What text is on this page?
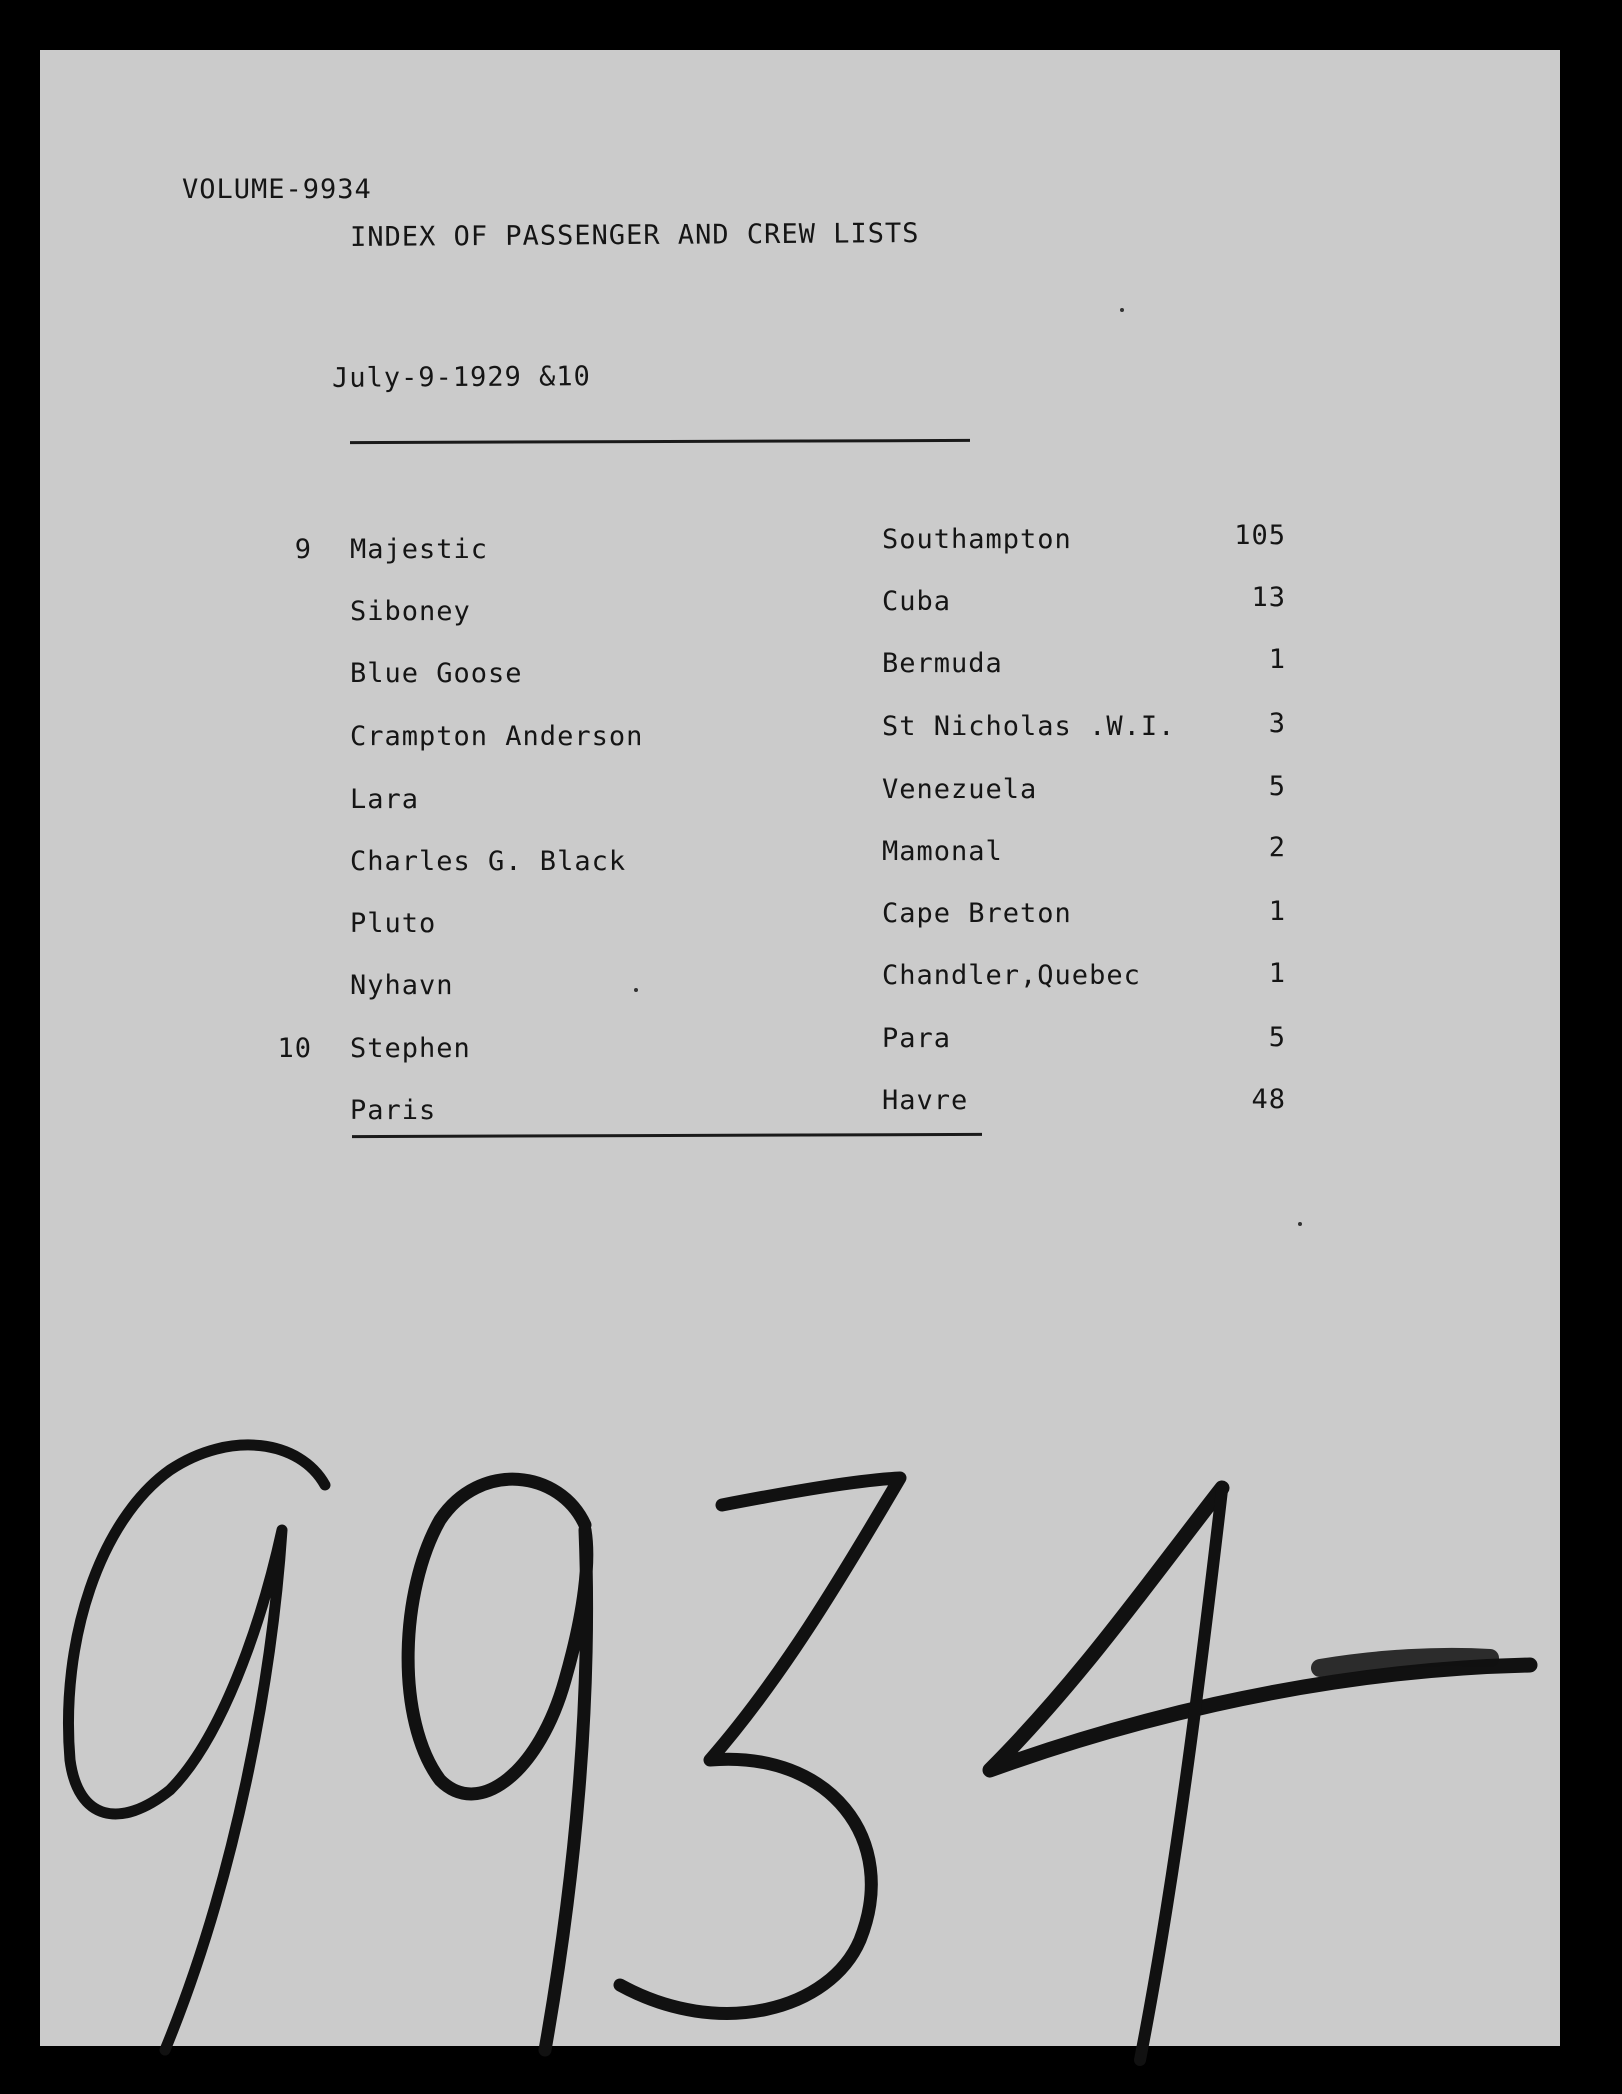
VOLUME-9934
INDEX OF PASSENGER AND CREW LISTS
July-9-1929 &10
9 Majestic	Southampton	105
Siboney	Cuba	13
Blue Goose	Bermuda	1
Crampton Anderson	St Nicholas .W.I.	3
Lara	Venezuela	5
Charles G. Black	Mamonal	2
Pluto	Cape Breton	1
Nyhavn	Chandler,Quebec	1
10 Stephen	Para	5
Paris	Havre	48
